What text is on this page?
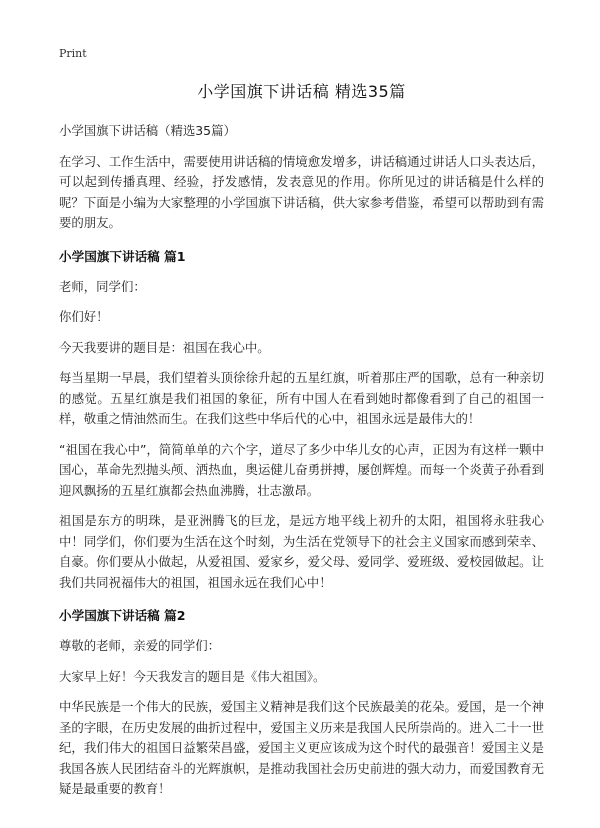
Print
小学国旗下讲话稿 精选35篇

小学国旗下讲话稿（精选35篇）

在学习、工作生活中，需要使用讲话稿的情境愈发增多，讲话稿通过讲话人口头表达后，可以起到传播真理、经验，抒发感情，发表意见的作用。你所见过的讲话稿是什么样的呢？下面是小编为大家整理的小学国旗下讲话稿，供大家参考借鉴，希望可以帮助到有需要的朋友。

小学国旗下讲话稿 篇1

老师，同学们：

你们好！

今天我要讲的题目是：祖国在我心中。

每当星期一早晨，我们望着头顶徐徐升起的五星红旗，听着那庄严的国歌，总有一种亲切的感觉。五星红旗是我们祖国的象征，所有中国人在看到她时都像看到了自己的祖国一样，敬重之情油然而生。在我们这些中华后代的心中，祖国永远是最伟大的！

“祖国在我心中”，简简单单的六个字，道尽了多少中华儿女的心声，正因为有这样一颗中国心，革命先烈抛头颅、洒热血，奥运健儿奋勇拼搏，屡创辉煌。而每一个炎黄子孙看到迎风飘扬的五星红旗都会热血沸腾，壮志激昂。

祖国是东方的明珠，是亚洲腾飞的巨龙，是远方地平线上初升的太阳，祖国将永驻我心中！同学们，你们要为生活在这个时刻，为生活在党领导下的社会主义国家而感到荣幸、自豪。你们要从小做起，从爱祖国、爱家乡，爱父母、爱同学、爱班级、爱校园做起。让我们共同祝福伟大的祖国，祖国永远在我们心中！

小学国旗下讲话稿 篇2

尊敬的老师，亲爱的同学们：

大家早上好！今天我发言的题目是《伟大祖国》。

中华民族是一个伟大的民族，爱国主义精神是我们这个民族最美的花朵。爱国，是一个神圣的字眼，在历史发展的曲折过程中，爱国主义历来是我国人民所崇尚的。进入二十一世纪，我们伟大的祖国日益繁荣昌盛，爱国主义更应该成为这个时代的最强音！爱国主义是我国各族人民团结奋斗的光辉旗帜，是推动我国社会历史前进的强大动力，而爱国教育无疑是最重要的教育！
